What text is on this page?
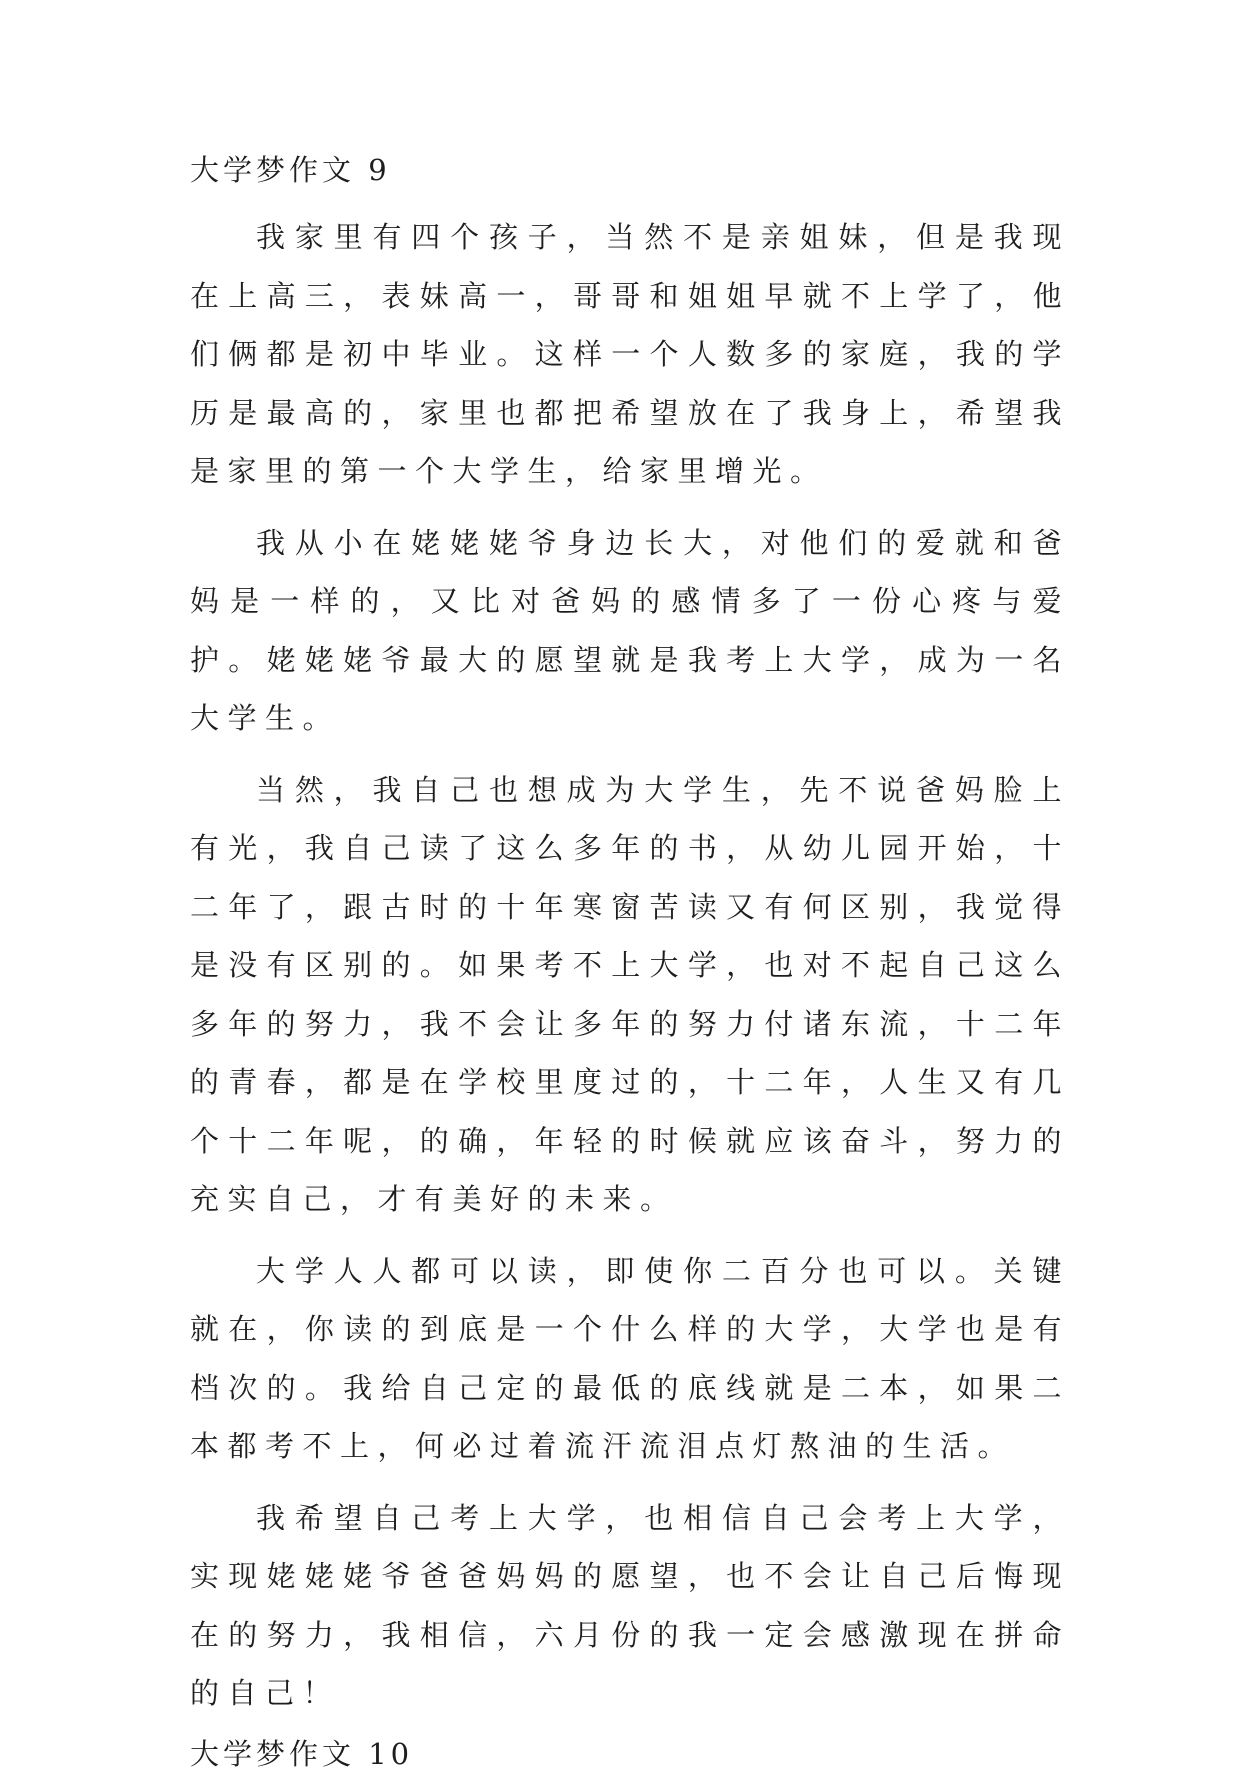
大学梦作文 9

我家里有四个孩子，当然不是亲姐妹，但是我现在上高三，表妹高一，哥哥和姐姐早就不上学了，他们俩都是初中毕业。这样一个人数多的家庭，我的学历是最高的，家里也都把希望放在了我身上，希望我是家里的第一个大学生，给家里增光。

我从小在姥姥姥爷身边长大，对他们的爱就和爸妈是一样的，又比对爸妈的感情多了一份心疼与爱护。姥姥姥爷最大的愿望就是我考上大学，成为一名大学生。

当然，我自己也想成为大学生，先不说爸妈脸上有光，我自己读了这么多年的书，从幼儿园开始，十二年了，跟古时的十年寒窗苦读又有何区别，我觉得是没有区别的。如果考不上大学，也对不起自己这么多年的努力，我不会让多年的努力付诸东流，十二年的青春，都是在学校里度过的，十二年，人生又有几个十二年呢，的确，年轻的时候就应该奋斗，努力的充实自己，才有美好的未来。

大学人人都可以读，即使你二百分也可以。关键就在，你读的到底是一个什么样的大学，大学也是有档次的。我给自己定的最低的底线就是二本，如果二本都考不上，何必过着流汗流泪点灯熬油的生活。

我希望自己考上大学，也相信自己会考上大学，实现姥姥姥爷爸爸妈妈的愿望，也不会让自己后悔现在的努力，我相信，六月份的我一定会感激现在拼命的自己！

大学梦作文 10
